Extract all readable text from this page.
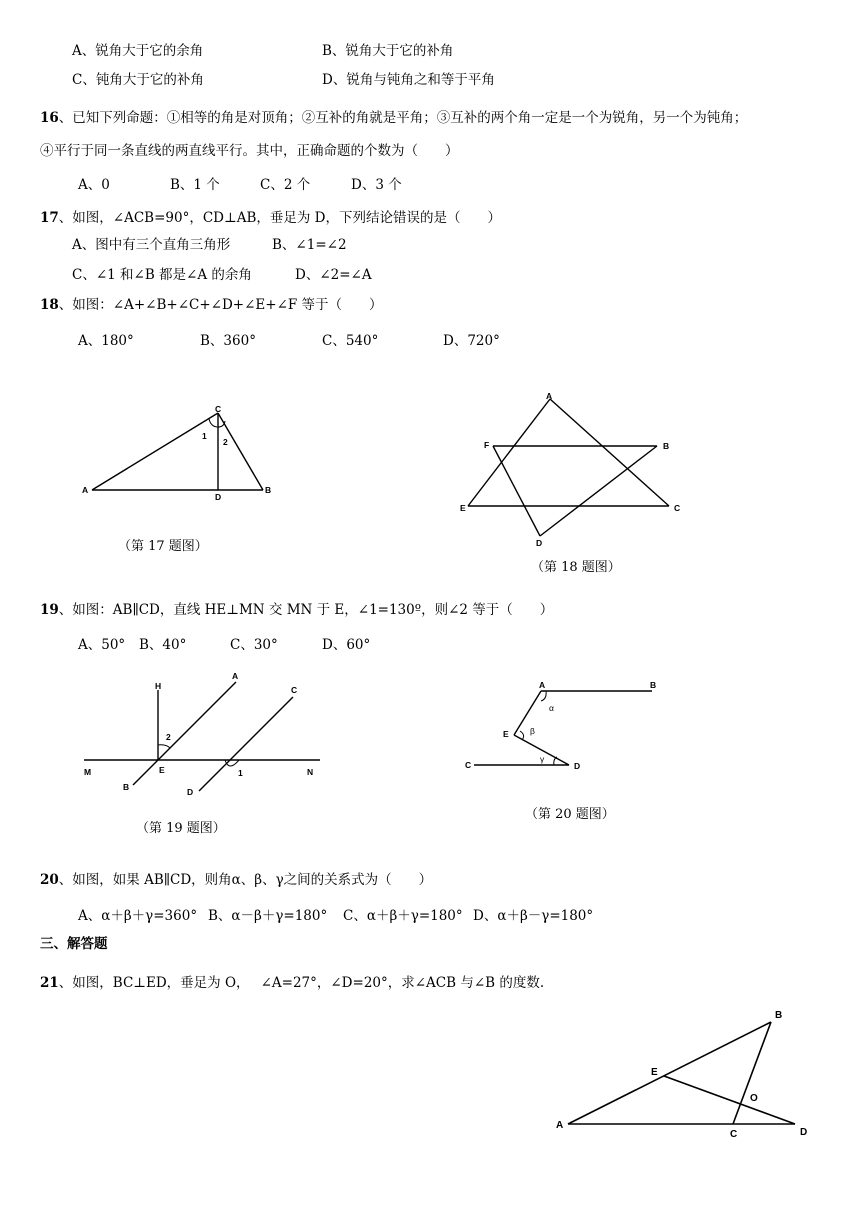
A、锐角大于它的余角	B、锐角大于它的补角
C、钝角大于它的补角	D、锐角与钝角之和等于平角
16、已知下列命题：①相等的角是对顶角；②互补的角就是平角；③互补的两个角一定是一个为锐角，另一个为钝角；
④平行于同一条直线的两直线平行。其中，正确命题的个数为（　　）
A、0	B、1 个	C、2 个	D、3 个
17、如图，∠ACB=90°，CD⊥AB，垂足为 D，下列结论错误的是（　　）
A、图中有三个直角三角形	B、∠1=∠2
C、∠1 和∠B 都是∠A 的余角	D、∠2=∠A
18、如图：∠A+∠B+∠C+∠D+∠E+∠F 等于（　　）
A、180°	B、360°	C、540°	D、720°
C
A	B
D
1
2
（第 17 题图）
A
F	B
E	C
D
（第 18 题图）
19、如图：AB∥CD，直线 HE⊥MN 交 MN 于 E，∠1=130º，则∠2 等于（　　）
A、50° B、40°	C、30°	D、60°
H
A
C
M	E	N
B	D
2
1
（第 19 题图）
A	B
E
C	D
α
β
γ
（第 20 题图）
20、如图，如果 AB∥CD，则角α、β、γ之间的关系式为（　　）
A、α＋β＋γ=360° B、α－β＋γ=180° C、α＋β＋γ=180° D、α＋β－γ=180°
三、解答题
21、如图，BC⊥ED，垂足为 O，　 ∠A=27°，∠D=20°，求∠ACB 与∠B 的度数.
B
E
O
A
C	D
